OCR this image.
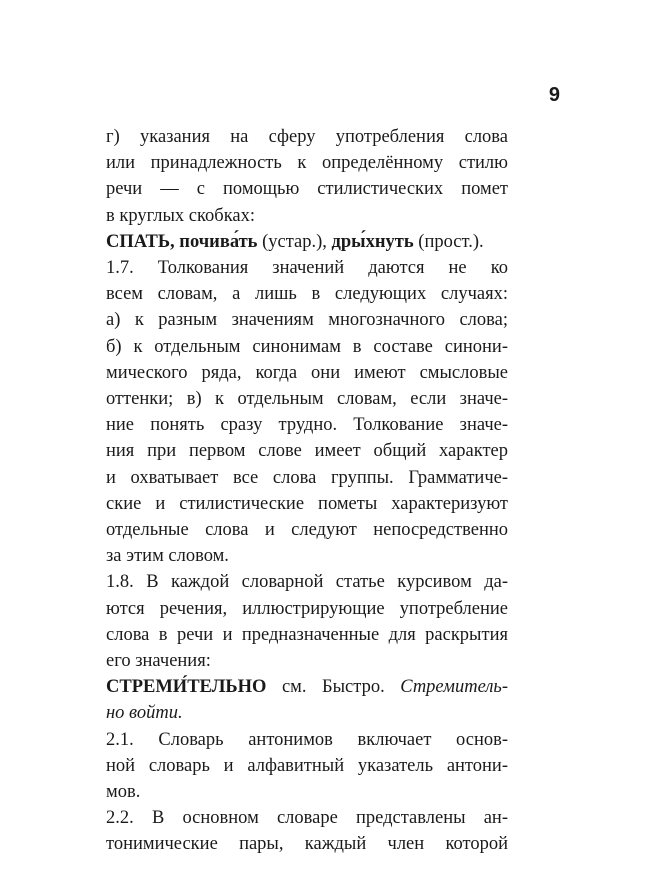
9
г) указания на сферу употребления слова
или принадлежность к определённому стилю
речи — с помощью стилистических помет
в круглых скобках:
СПАТЬ, почива́ть (устар.), дры́хнуть (прост.).
1.7. Толкования значений даются не ко
всем словам, а лишь в следующих случаях:
а) к разным значениям многозначного слова;
б) к отдельным синонимам в составе синони-
мического ряда, когда они имеют смысловые
оттенки; в) к отдельным словам, если значе-
ние понять сразу трудно. Толкование значе-
ния при первом слове имеет общий характер
и охватывает все слова группы. Грамматиче-
ские и стилистические пометы характеризуют
отдельные слова и следуют непосредственно
за этим словом.
1.8. В каждой словарной статье курсивом да-
ются речения, иллюстрирующие употребление
слова в речи и предназначенные для раскрытия
его значения:
СТРЕМИ́ТЕЛЬНО см. Быстро. Стремитель-
но войти.
2.1. Словарь антонимов включает основ-
ной словарь и алфавитный указатель антони-
мов.
2.2. В основном словаре представлены ан-
тонимические пары, каждый член которой
